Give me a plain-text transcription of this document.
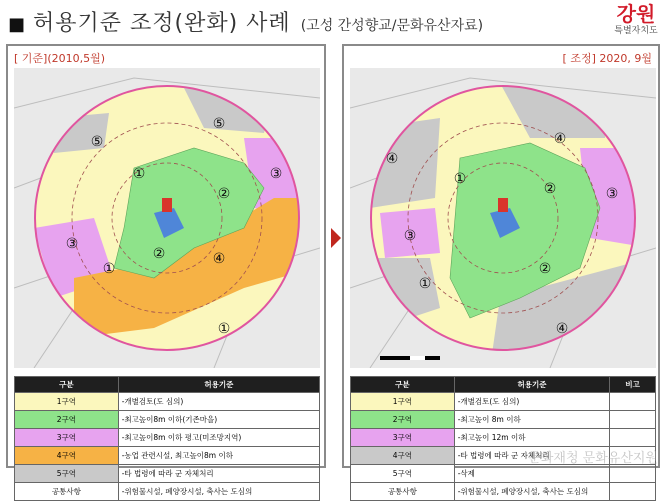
■ 허용기준 조정(완화) 사례 (고성 간성향교/문화유산자료)	강원
특별자치도
[ 기준](2010,5월)
①
①
①
②
②
③
③
④
⑤
⑤
구분	허용기준
1구역	-개별검토(도 심의)
2구역	-최고높이8m 이하(기존마을)
3구역	-최고높이8m 이하 평고(미조망지역)
4구역	-농업 관련시설, 최고높이8m 이하
5구역	-타 법령에 따라 군 자체처리
공통사항	-위험물시설, 폐양장시설, 축사는 도심의
[ 조정] 2020, 9월
①
①
②
②
③
③
④
④
④
구분	허용기준	비고
1구역	-개별검토(도 심의)	
2구역	-최고높이 8m 이하	
3구역	-최고높이 12m 이하	
4구역	-타 법령에 따라 군 자체처리	
5구역	-삭제	
공통사항	-위험물시설, 폐양장시설, 축사는 도심의	
문화재청 문화유산지원
